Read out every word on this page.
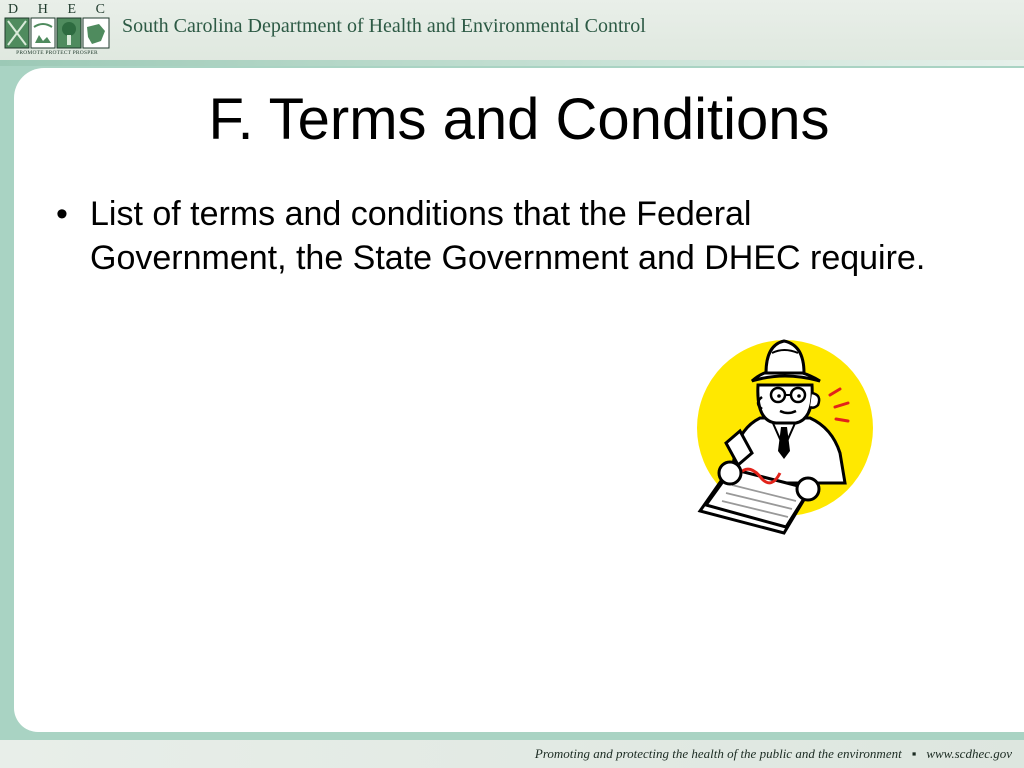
D H E C
PROMOTE PROTECT PROSPER
South Carolina Department of Health and Environmental Control
F. Terms and Conditions
• List of terms and conditions that the Federal Government, the State Government and DHEC require.
Promoting and protecting the health of the public and the environment ▪ www.scdhec.gov
